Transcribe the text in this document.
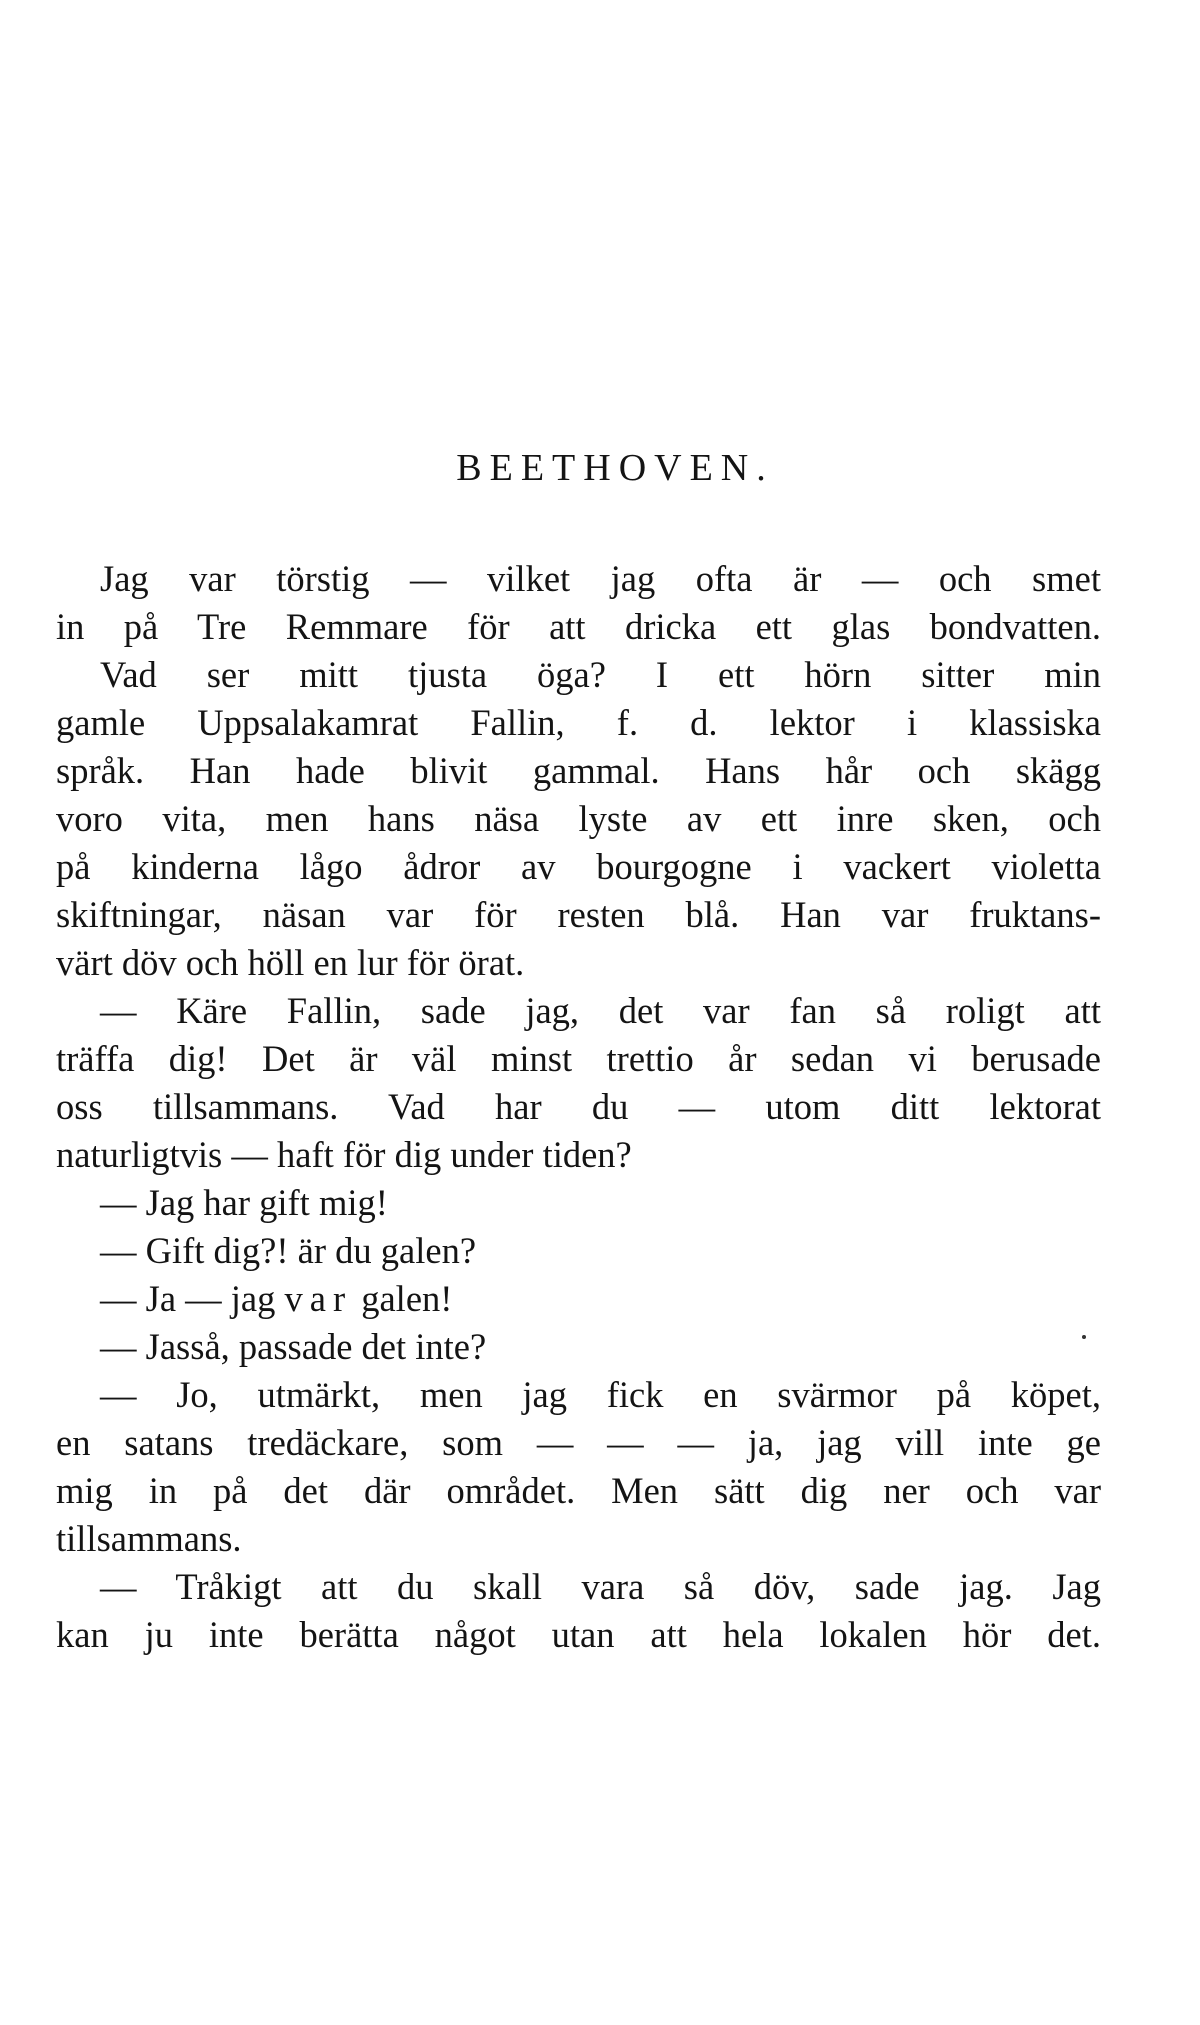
BEETHOVEN.

Jag var törstig — vilket jag ofta är — och smet

in på Tre Remmare för att dricka ett glas bondvatten.

Vad ser mitt tjusta öga? I ett hörn sitter min

gamle Uppsalakamrat Fallin, f. d. lektor i klassiska

språk. Han hade blivit gammal. Hans hår och skägg

voro vita, men hans näsa lyste av ett inre sken, och

på kinderna lågo ådror av bourgogne i vackert violetta

skiftningar, näsan var för resten blå. Han var fruktans-

värt döv och höll en lur för örat.

— Käre Fallin, sade jag, det var fan så roligt att

träffa dig! Det är väl minst trettio år sedan vi berusade

oss tillsammans. Vad har du — utom ditt lektorat

naturligtvis — haft för dig under tiden?

— Jag har gift mig!

— Gift dig?! är du galen?

— Ja — jag var galen!

— Jasså, passade det inte?

— Jo, utmärkt, men jag fick en svärmor på köpet,

en satans tredäckare, som — — — ja, jag vill inte ge

mig in på det där området. Men sätt dig ner och var

tillsammans.

— Tråkigt att du skall vara så döv, sade jag. Jag

kan ju inte berätta något utan att hela lokalen hör det.
